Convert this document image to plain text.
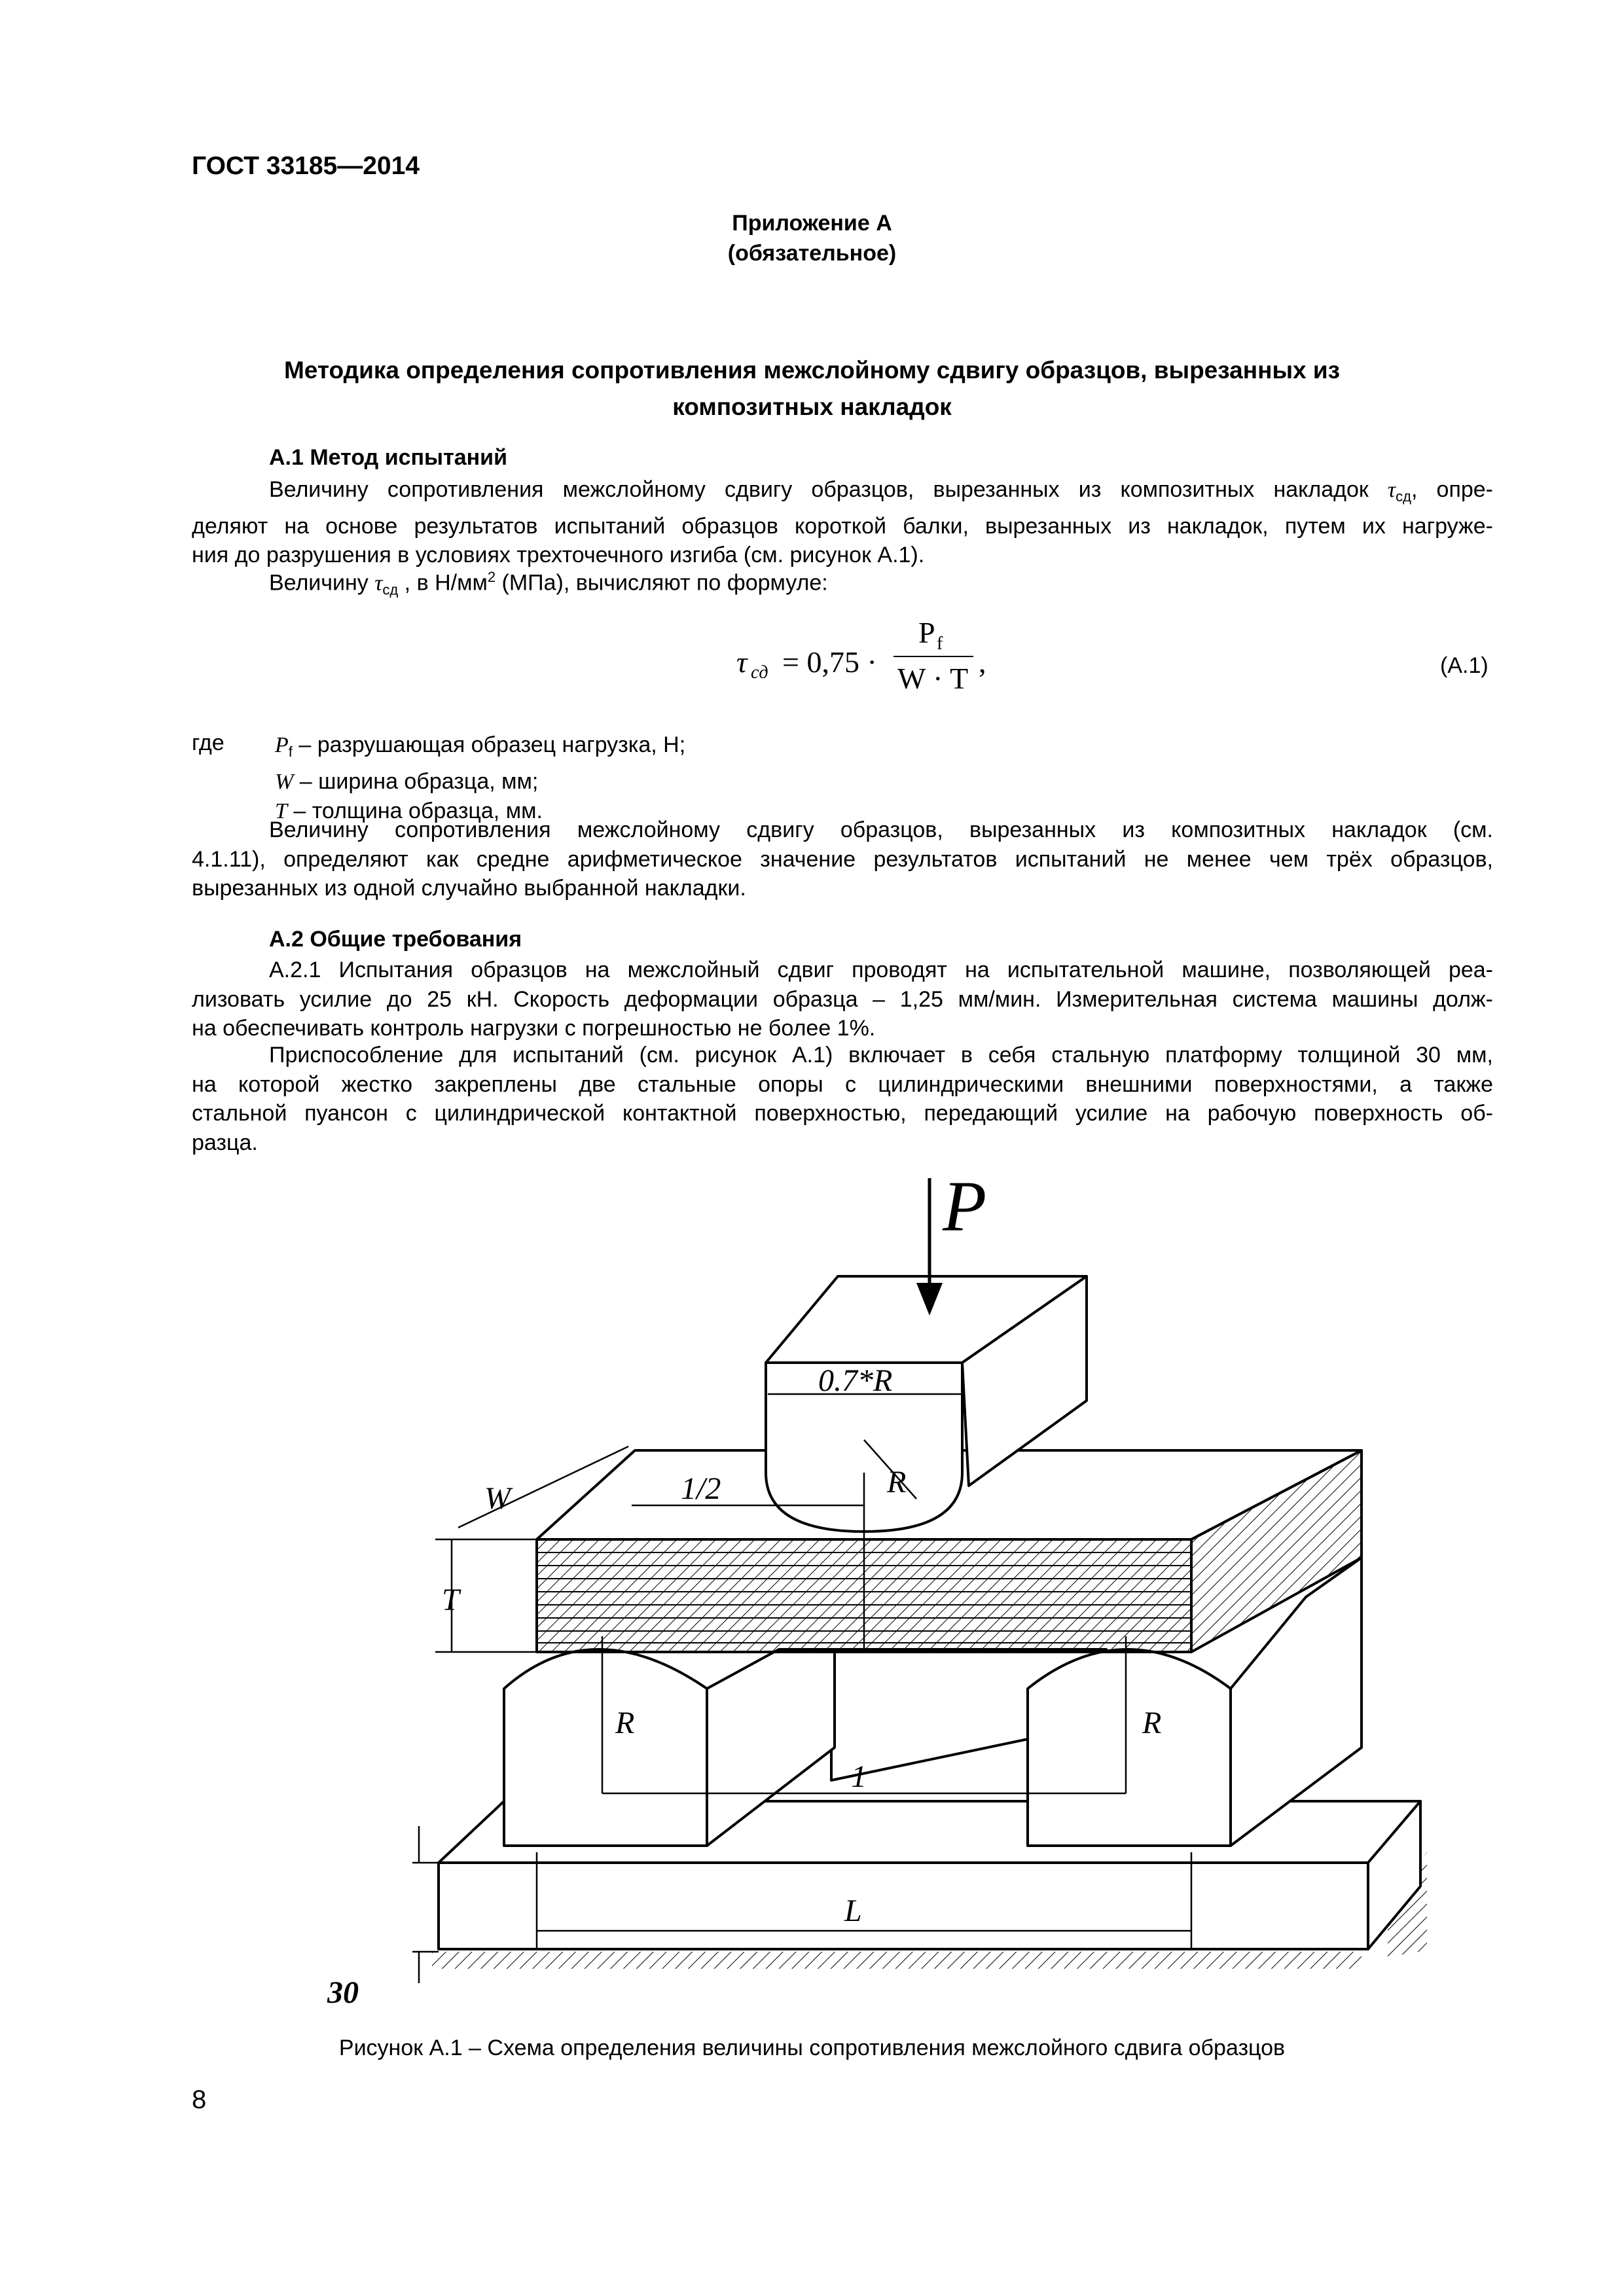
ГОСТ 33185—2014
Приложение А
(обязательное)
Методика определения сопротивления межслойному сдвигу образцов, вырезанных из
композитных накладок
А.1 Метод испытаний
Величину сопротивления межслойному сдвигу образцов, вырезанных из композитных накладок $\tau_{сд}$, опре-
деляют на основе результатов испытаний образцов короткой балки, вырезанных из накладок, путем их нагруже-
ния до разрушения в условиях трехточечного изгиба (см. рисунок А.1).
Величину $\tau_{сд}$ , в $Н/мм^2$ (МПа), вычисляют по формуле:
τ сд = 0,75 ·
P f
W · T ,	(А.1)
где $P_f$ – разрушающая образец нагрузка, Н;
W – ширина образца, мм;
T – толщина образца, мм.
Величину сопротивления межслойному сдвигу образцов, вырезанных из композитных накладок (см.
4.1.11), определяют как средне арифметическое значение результатов испытаний не менее чем трёх образцов,
вырезанных из одной случайно выбранной накладки.
А.2 Общие требования
А.2.1 Испытания образцов на межслойный сдвиг проводят на испытательной машине, позволяющей реа-
лизовать усилие до 25 кН. Скорость деформации образца – 1,25 мм/мин. Измерительная система машины долж-
на обеспечивать контроль нагрузки с погрешностью не более 1%.
Приспособление для испытаний (см. рисунок А.1) включает в себя стальную платформу толщиной 30 мм,
на которой жестко закреплены две стальные опоры с цилиндрическими внешними поверхностями, а также
стальной пуансон с цилиндрической контактной поверхностью, передающий усилие на рабочую поверхность об-
разца.
P
0.7*R
1/2
W
T
R
R	R
1
L
30
Рисунок А.1 – Схема определения величины сопротивления межслойного сдвига образцов
8
